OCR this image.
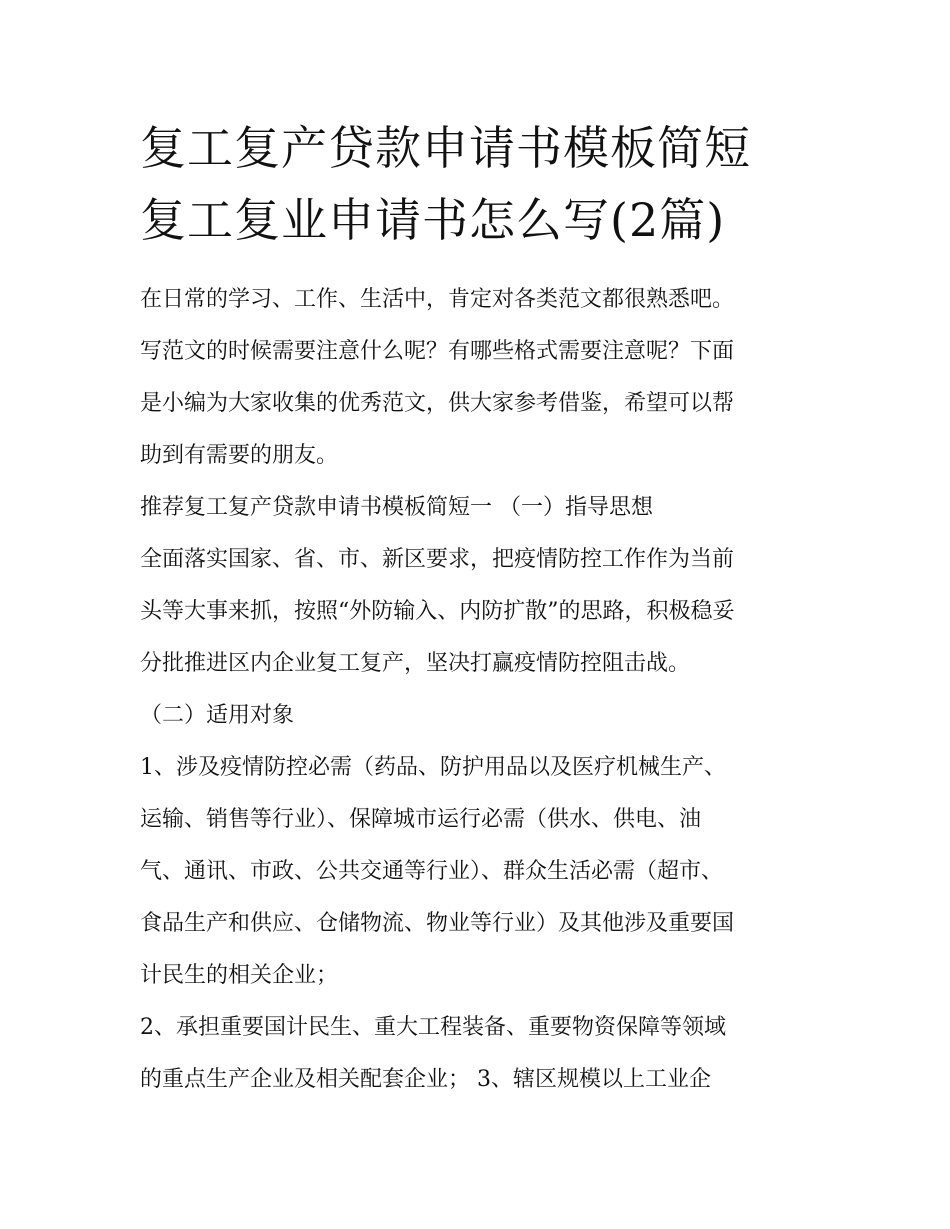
复工复产贷款申请书模板简短
复工复业申请书怎么写(2篇)
在日常的学习、工作、生活中，肯定对各类范文都很熟悉吧。
写范文的时候需要注意什么呢？有哪些格式需要注意呢？下面
是小编为大家收集的优秀范文，供大家参考借鉴，希望可以帮
助到有需要的朋友。
推荐复工复产贷款申请书模板简短一 （一）指导思想
全面落实国家、省、市、新区要求，把疫情防控工作作为当前
头等大事来抓，按照“外防输入、内防扩散”的思路，积极稳妥
分批推进区内企业复工复产，坚决打赢疫情防控阻击战。
（二）适用对象
1、涉及疫情防控必需（药品、防护用品以及医疗机械生产、
运输、销售等行业）、保障城市运行必需（供水、供电、油
气、通讯、市政、公共交通等行业）、群众生活必需（超市、
食品生产和供应、仓储物流、物业等行业）及其他涉及重要国
计民生的相关企业；
2、承担重要国计民生、重大工程装备、重要物资保障等领域
的重点生产企业及相关配套企业； 3、辖区规模以上工业企
